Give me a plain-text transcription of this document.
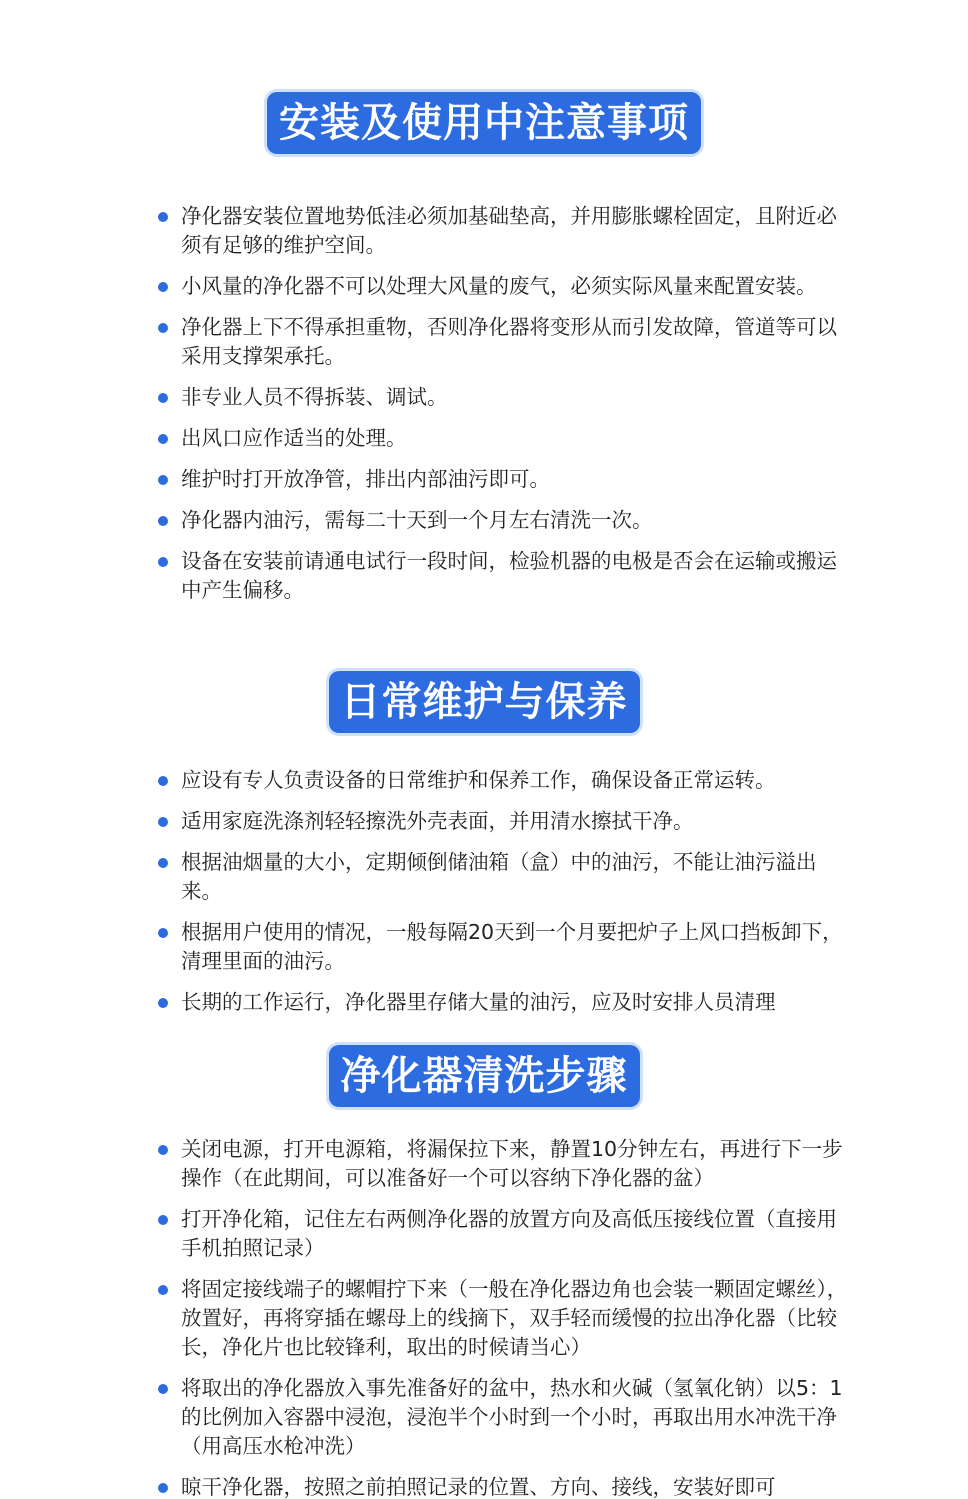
安装及使用中注意事项
净化器安装位置地势低洼必须加基础垫高，并用膨胀螺栓固定，且附近必须有足够的维护空间。
小风量的净化器不可以处理大风量的废气，必须实际风量来配置安装。
净化器上下不得承担重物，否则净化器将变形从而引发故障，管道等可以采用支撑架承托。
非专业人员不得拆装、调试。
出风口应作适当的处理。
维护时打开放净管，排出内部油污即可。
净化器内油污，需每二十天到一个月左右清洗一次。
设备在安装前请通电试行一段时间，检验机器的电极是否会在运输或搬运中产生偏移。
日常维护与保养
应设有专人负责设备的日常维护和保养工作，确保设备正常运转。
适用家庭洗涤剂轻轻擦洗外壳表面，并用清水擦拭干净。
根据油烟量的大小，定期倾倒储油箱（盒）中的油污，不能让油污溢出来。
根据用户使用的情况，一般每隔20天到一个月要把炉子上风口挡板卸下，清理里面的油污。
长期的工作运行，净化器里存储大量的油污，应及时安排人员清理
净化器清洗步骤
关闭电源，打开电源箱，将漏保拉下来，静置10分钟左右，再进行下一步操作（在此期间，可以准备好一个可以容纳下净化器的盆）
打开净化箱，记住左右两侧净化器的放置方向及高低压接线位置（直接用手机拍照记录）
将固定接线端子的螺帽拧下来（一般在净化器边角也会装一颗固定螺丝），放置好，再将穿插在螺母上的线摘下，双手轻而缓慢的拉出净化器（比较长，净化片也比较锋利，取出的时候请当心）
将取出的净化器放入事先准备好的盆中，热水和火碱（氢氧化钠）以5：1的比例加入容器中浸泡，浸泡半个小时到一个小时，再取出用水冲洗干净（用高压水枪冲洗）
晾干净化器，按照之前拍照记录的位置、方向、接线，安装好即可
